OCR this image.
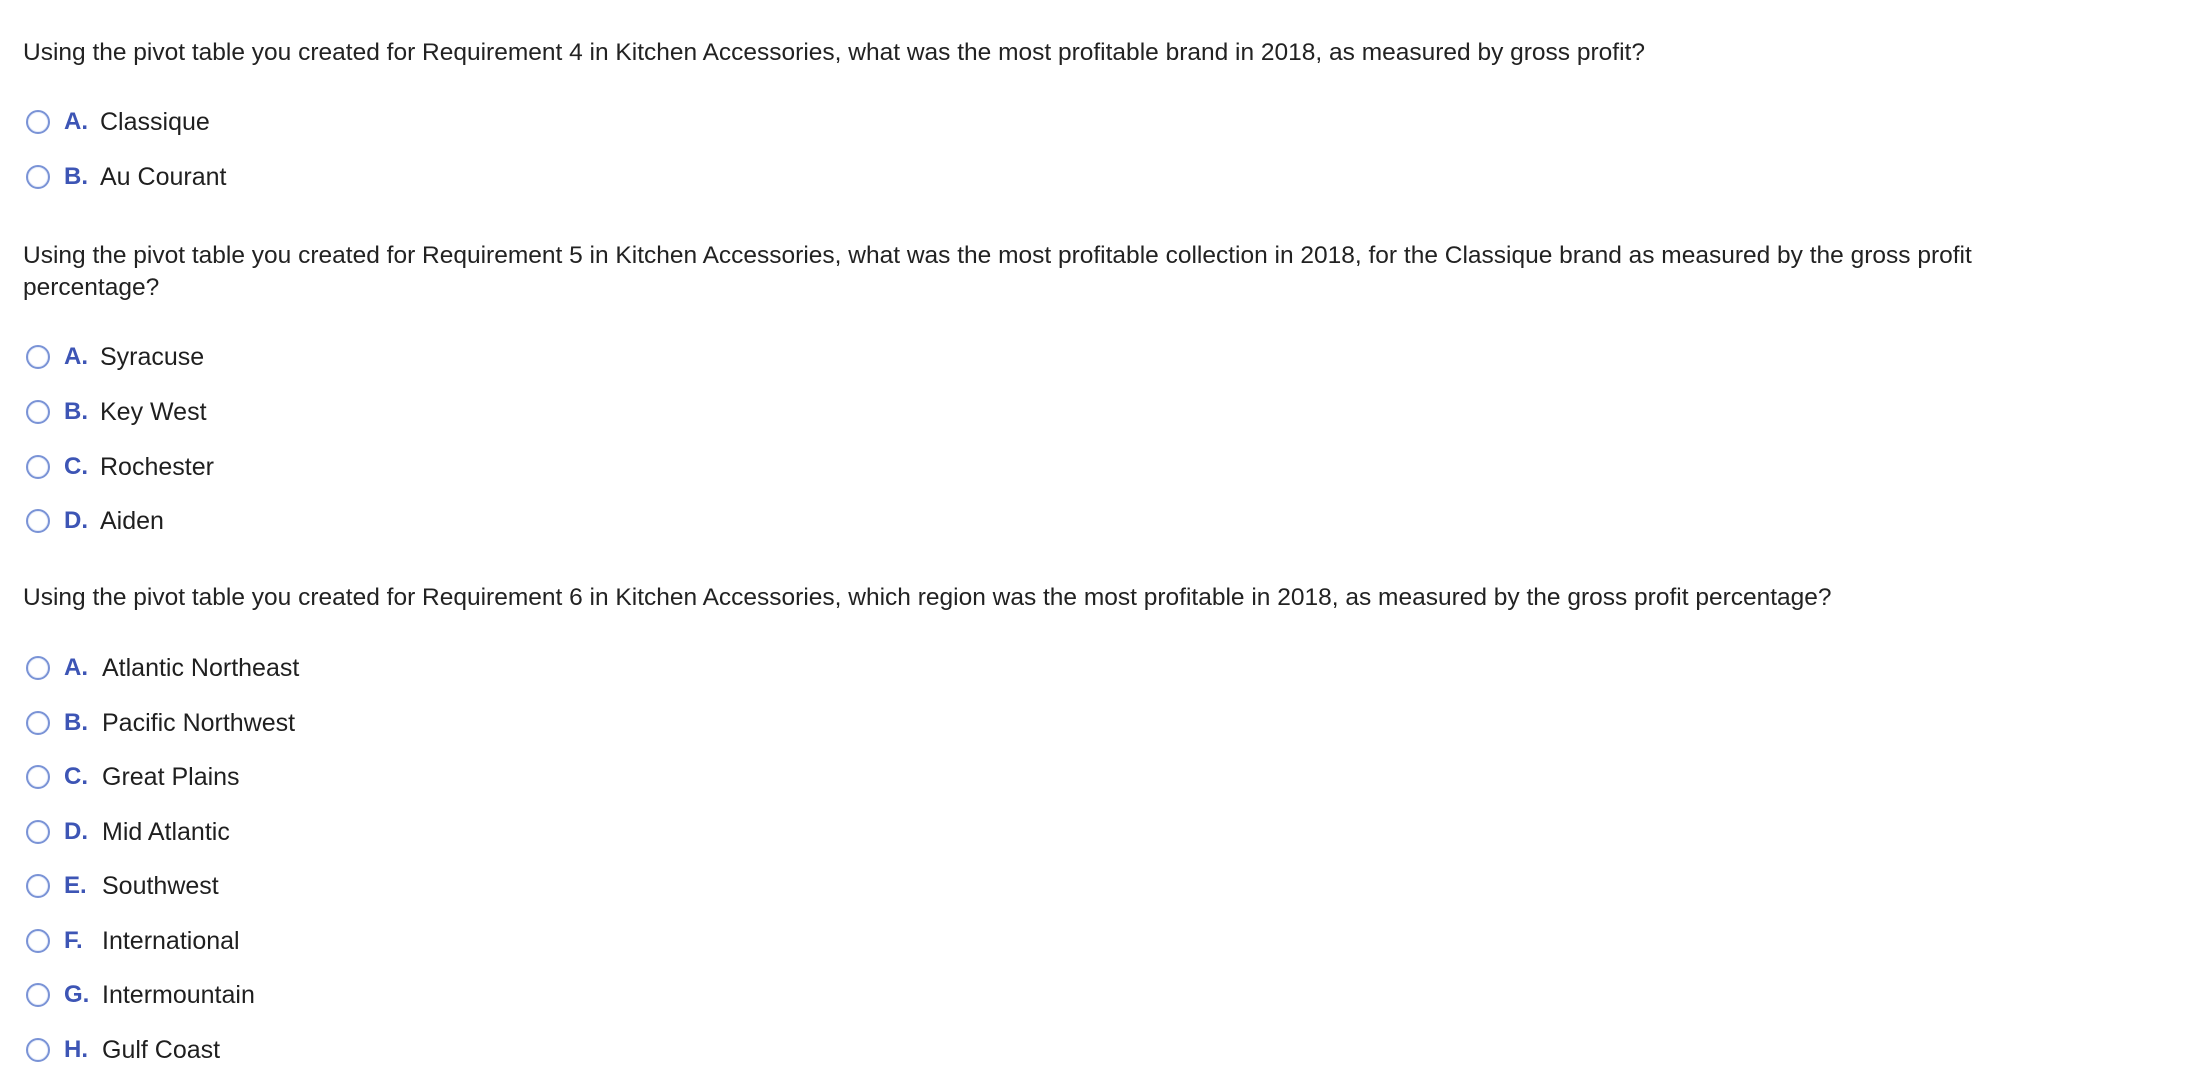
Using the pivot table you created for Requirement 4 in Kitchen Accessories, what was the most profitable brand in 2018, as measured by gross profit?

A. Classique
B. Au Courant

Using the pivot table you created for Requirement 5 in Kitchen Accessories, what was the most profitable collection in 2018, for the Classique brand as measured by the gross profit percentage?

A. Syracuse
B. Key West
C. Rochester
D. Aiden

Using the pivot table you created for Requirement 6 in Kitchen Accessories, which region was the most profitable in 2018, as measured by the gross profit percentage?

A. Atlantic Northeast
B. Pacific Northwest
C. Great Plains
D. Mid Atlantic
E. Southwest
F. International
G. Intermountain
H. Gulf Coast
